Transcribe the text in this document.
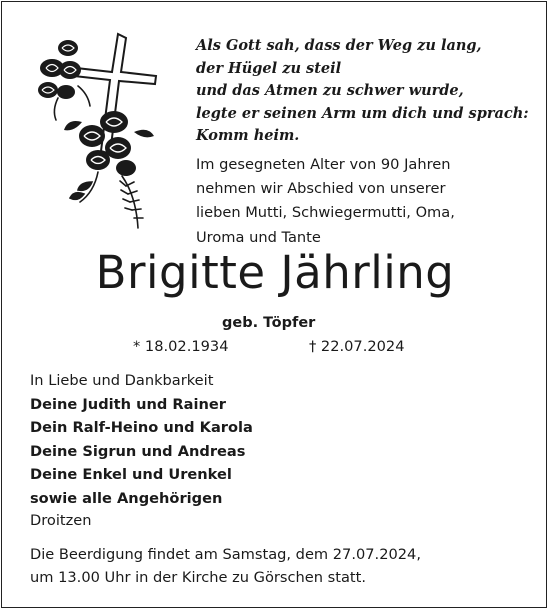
Als Gott sah, dass der Weg zu lang,
der Hügel zu steil
und das Atmen zu schwer wurde,
legte er seinen Arm um dich und sprach:
Komm heim.
Im gesegneten Alter von 90 Jahren
nehmen wir Abschied von unserer
lieben Mutti, Schwiegermutti, Oma,
Uroma und Tante
Brigitte Jährling
geb. Töpfer
* 18.02.1934	† 22.07.2024
In Liebe und Dankbarkeit
Deine Judith und Rainer
Dein Ralf-Heino und Karola
Deine Sigrun und Andreas
Deine Enkel und Urenkel
sowie alle Angehörigen
Droitzen
Die Beerdigung findet am Samstag, dem 27.07.2024,
um 13.00 Uhr in der Kirche zu Görschen statt.
